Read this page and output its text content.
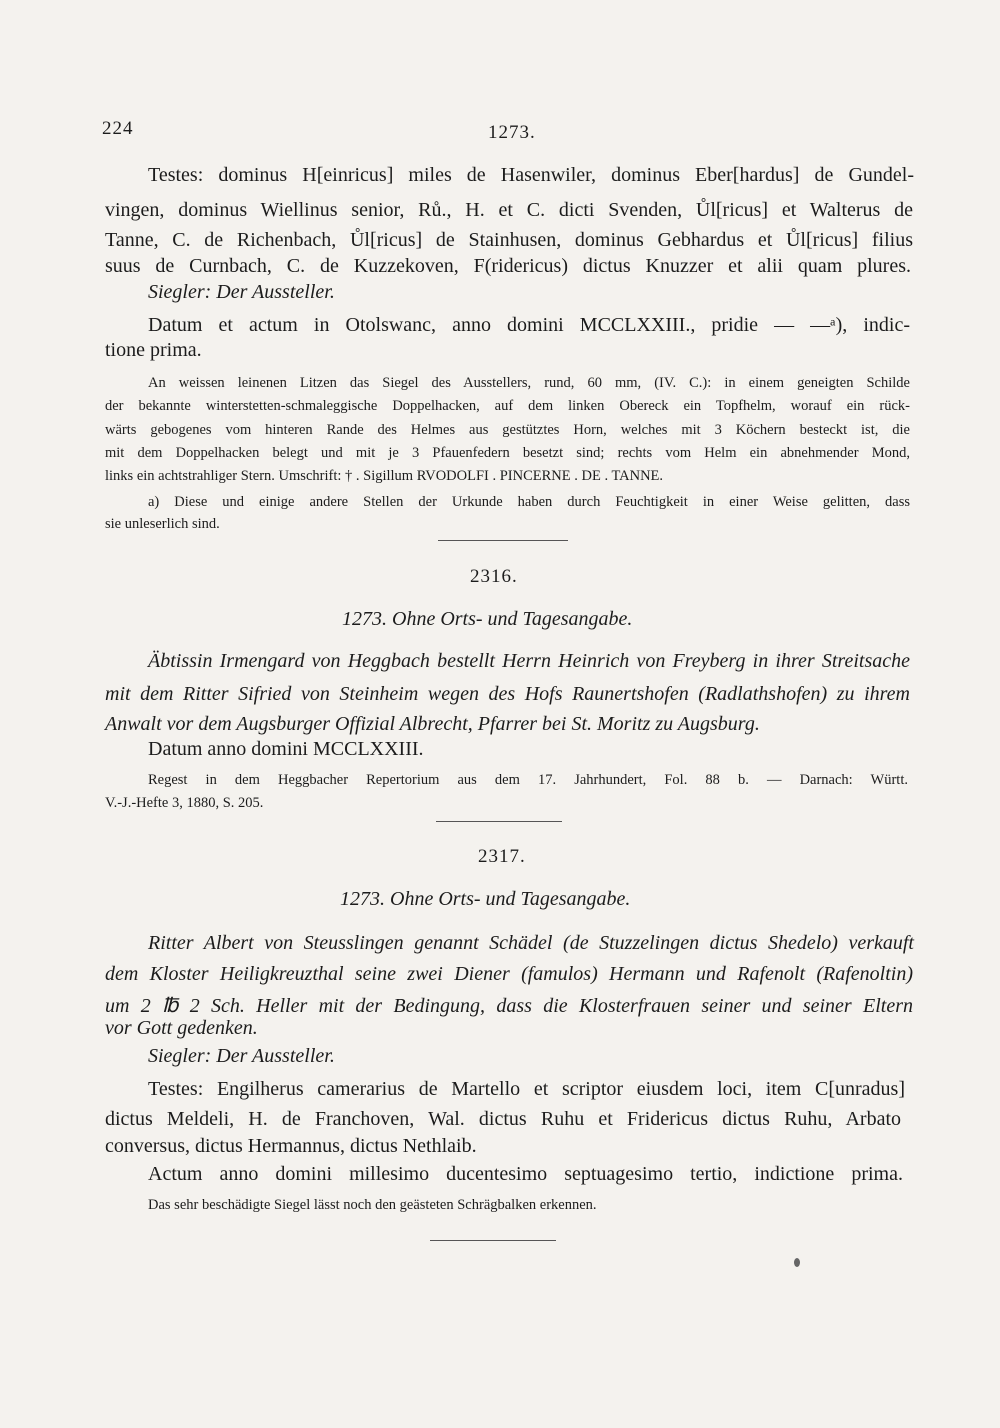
224	1273.
Testes: dominus H[einricus] miles de Hasenwiler, dominus Eber[hardus] de Gundel-
vingen, dominus Wiellinus senior, Rů., H. et C. dicti Svenden, Ůl[ricus] et Walterus de
Tanne, C. de Richenbach, Ůl[ricus] de Stainhusen, dominus Gebhardus et Ůl[ricus] filius
suus de Curnbach, C. de Kuzzekoven, F(ridericus) dictus Knuzzer et alii quam plures.
Siegler: Der Aussteller.
Datum et actum in Otolswanc, anno domini MCCLXXIII., pridie — —ᵃ), indic-
tione prima.
An weissen leinenen Litzen das Siegel des Ausstellers, rund, 60 mm, (IV. C.): in einem geneigten Schilde
der bekannte winterstetten-schmaleggische Doppelhacken, auf dem linken Obereck ein Topfhelm, worauf ein rück-
wärts gebogenes vom hinteren Rande des Helmes aus gestütztes Horn, welches mit 3 Köchern besteckt ist, die
mit dem Doppelhacken belegt und mit je 3 Pfauenfedern besetzt sind; rechts vom Helm ein abnehmender Mond,
links ein achtstrahliger Stern. Umschrift: † . Sigillum RVODOLFI . PINCERNE . DE . TANNE.
a) Diese und einige andere Stellen der Urkunde haben durch Feuchtigkeit in einer Weise gelitten, dass
sie unleserlich sind.
2316.
1273. Ohne Orts- und Tagesangabe.
Äbtissin Irmengard von Heggbach bestellt Herrn Heinrich von Freyberg in ihrer Streitsache
mit dem Ritter Sifried von Steinheim wegen des Hofs Raunertshofen (Radlathshofen) zu ihrem
Anwalt vor dem Augsburger Offizial Albrecht, Pfarrer bei St. Moritz zu Augsburg.
Datum anno domini MCCLXXIII.
Regest in dem Heggbacher Repertorium aus dem 17. Jahrhundert, Fol. 88 b. — Darnach: Württ.
V.-J.-Hefte 3, 1880, S. 205.
2317.
1273. Ohne Orts- und Tagesangabe.
Ritter Albert von Steusslingen genannt Schädel (de Stuzzelingen dictus Shedelo) verkauft
dem Kloster Heiligkreuzthal seine zwei Diener (famulos) Hermann und Rafenolt (Rafenoltin)
um 2 ℔ 2 Sch. Heller mit der Bedingung, dass die Klosterfrauen seiner und seiner Eltern
vor Gott gedenken.
Siegler: Der Aussteller.
Testes: Engilherus camerarius de Martello et scriptor eiusdem loci, item C[unradus]
dictus Meldeli, H. de Franchoven, Wal. dictus Ruhu et Fridericus dictus Ruhu, Arbato
conversus, dictus Hermannus, dictus Nethlaib.
Actum anno domini millesimo ducentesimo septuagesimo tertio, indictione prima.
Das sehr beschädigte Siegel lässt noch den geästeten Schrägbalken erkennen.
